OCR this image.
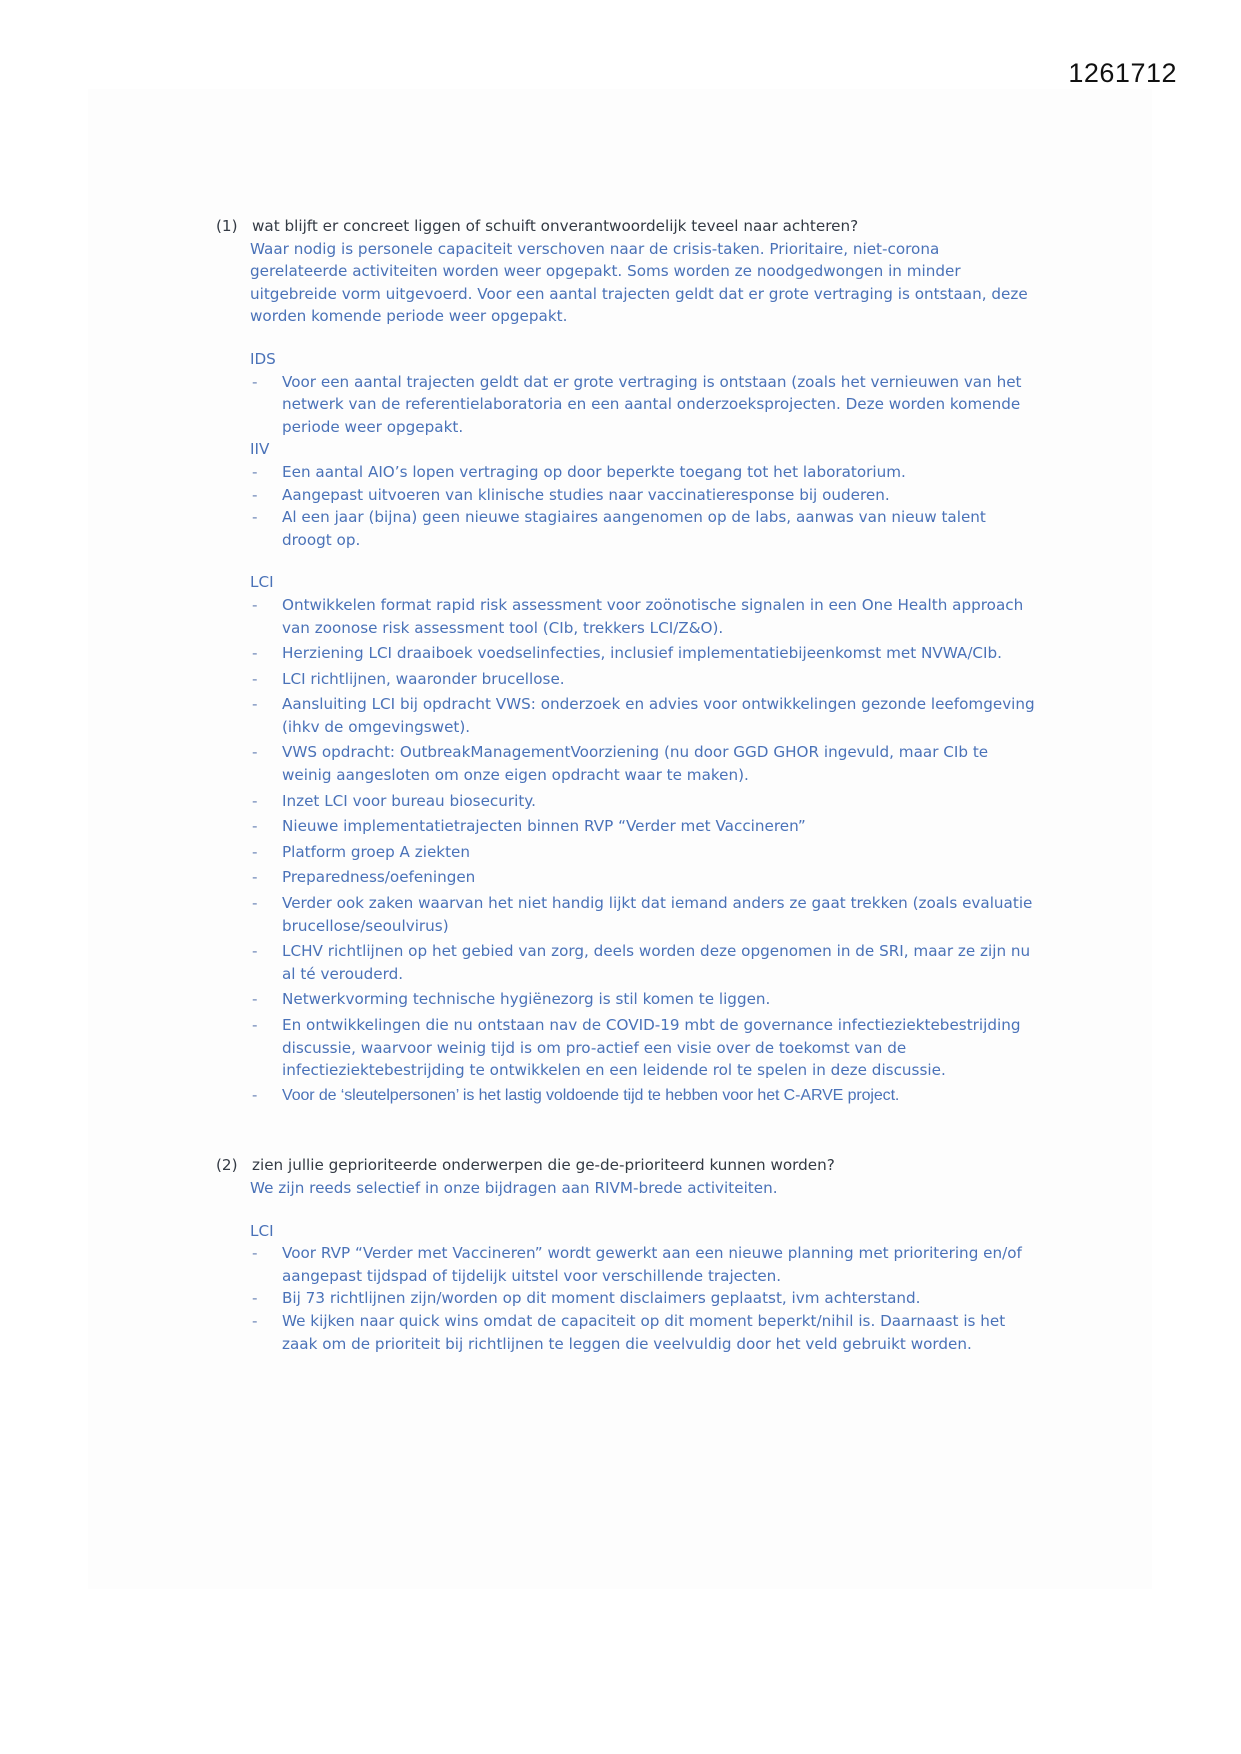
1261712
(1) wat blijft er concreet liggen of schuift onverantwoordelijk teveel naar achteren?
Waar nodig is personele capaciteit verschoven naar de crisis-taken. Prioritaire, niet-corona gerelateerde activiteiten worden weer opgepakt. Soms worden ze noodgedwongen in minder uitgebreide vorm uitgevoerd. Voor een aantal trajecten geldt dat er grote vertraging is ontstaan, deze worden komende periode weer opgepakt.
IDS
- Voor een aantal trajecten geldt dat er grote vertraging is ontstaan (zoals het vernieuwen van het netwerk van de referentielaboratoria en een aantal onderzoeksprojecten. Deze worden komende periode weer opgepakt.
IIV
- Een aantal AIO’s lopen vertraging op door beperkte toegang tot het laboratorium.
- Aangepast uitvoeren van klinische studies naar vaccinatieresponse bij ouderen.
- Al een jaar (bijna) geen nieuwe stagiaires aangenomen op de labs, aanwas van nieuw talent droogt op.
LCI
- Ontwikkelen format rapid risk assessment voor zoönotische signalen in een One Health approach van zoonose risk assessment tool (CIb, trekkers LCI/Z&O).
- Herziening LCI draaiboek voedselinfecties, inclusief implementatiebijeenkomst met NVWA/CIb.
- LCI richtlijnen, waaronder brucellose.
- Aansluiting LCI bij opdracht VWS: onderzoek en advies voor ontwikkelingen gezonde leefomgeving (ihkv de omgevingswet).
- VWS opdracht: OutbreakManagementVoorziening (nu door GGD GHOR ingevuld, maar CIb te weinig aangesloten om onze eigen opdracht waar te maken).
- Inzet LCI voor bureau biosecurity.
- Nieuwe implementatietrajecten binnen RVP “Verder met Vaccineren”
- Platform groep A ziekten
- Preparedness/oefeningen
- Verder ook zaken waarvan het niet handig lijkt dat iemand anders ze gaat trekken (zoals evaluatie brucellose/seoulvirus)
- LCHV richtlijnen op het gebied van zorg, deels worden deze opgenomen in de SRI, maar ze zijn nu al té verouderd.
- Netwerkvorming technische hygiënezorg is stil komen te liggen.
- En ontwikkelingen die nu ontstaan nav de COVID-19 mbt de governance infectieziektebestrijding discussie, waarvoor weinig tijd is om pro-actief een visie over de toekomst van de infectieziektebestrijding te ontwikkelen en een leidende rol te spelen in deze discussie.
- Voor de ‘sleutelpersonen’ is het lastig voldoende tijd te hebben voor het C-ARVE project.
(2) zien jullie geprioriteerde onderwerpen die ge-de-prioriteerd kunnen worden?
We zijn reeds selectief in onze bijdragen aan RIVM-brede activiteiten.
LCI
- Voor RVP “Verder met Vaccineren” wordt gewerkt aan een nieuwe planning met prioritering en/of aangepast tijdspad of tijdelijk uitstel voor verschillende trajecten.
- Bij 73 richtlijnen zijn/worden op dit moment disclaimers geplaatst, ivm achterstand.
- We kijken naar quick wins omdat de capaciteit op dit moment beperkt/nihil is. Daarnaast is het zaak om de prioriteit bij richtlijnen te leggen die veelvuldig door het veld gebruikt worden.
